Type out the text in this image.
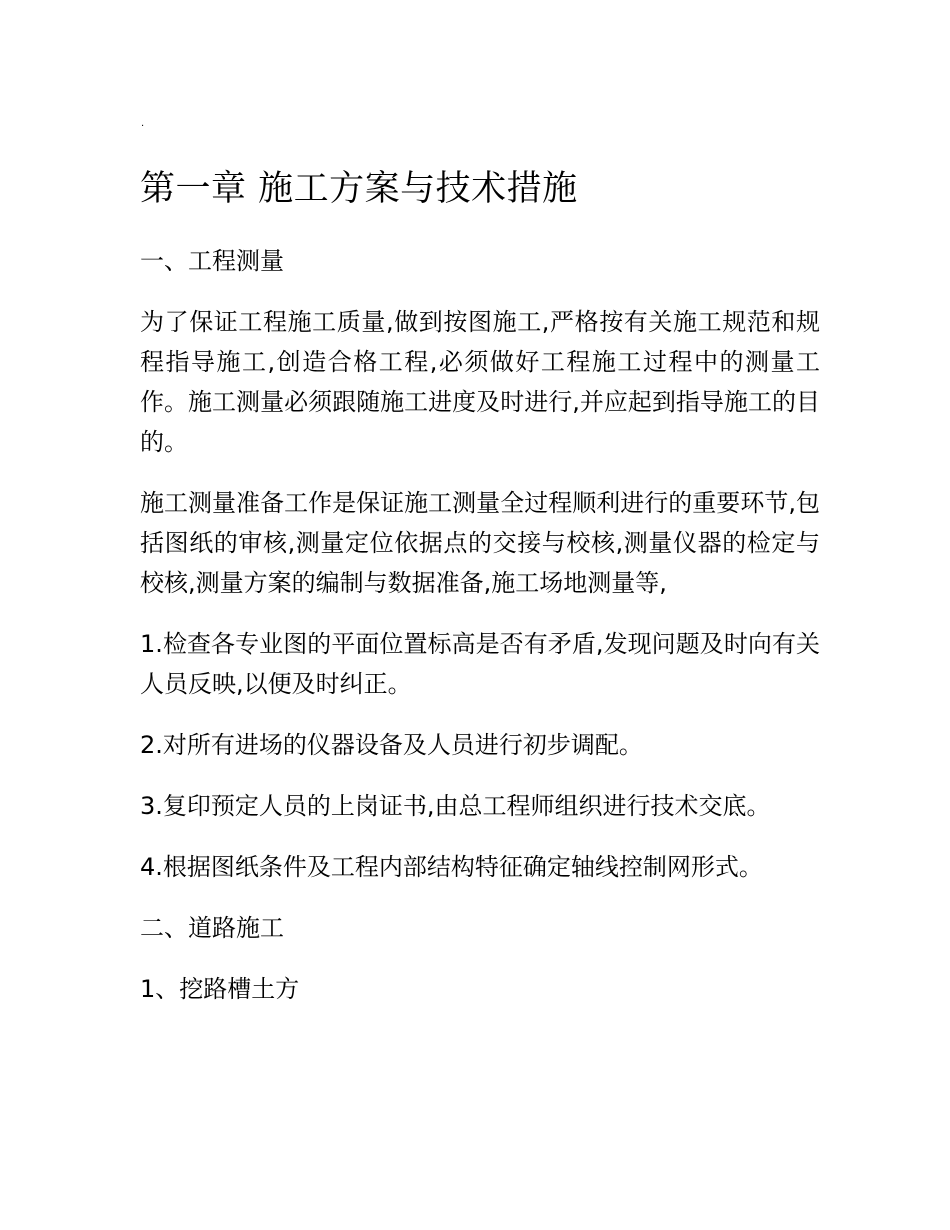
.
第一章 施工方案与技术措施
一、工程测量

为了保证工程施工质量,做到按图施工,严格按有关施工规范和规程指导施工,创造合格工程,必须做好工程施工过程中的测量工作。施工测量必须跟随施工进度及时进行,并应起到指导施工的目的。

施工测量准备工作是保证施工测量全过程顺利进行的重要环节,包括图纸的审核,测量定位依据点的交接与校核,测量仪器的检定与校核,测量方案的编制与数据准备,施工场地测量等,

1.检查各专业图的平面位置标高是否有矛盾,发现问题及时向有关人员反映,以便及时纠正。

2.对所有进场的仪器设备及人员进行初步调配。

3.复印预定人员的上岗证书,由总工程师组织进行技术交底。

4.根据图纸条件及工程内部结构特征确定轴线控制网形式。

二、道路施工
1、挖路槽土方
